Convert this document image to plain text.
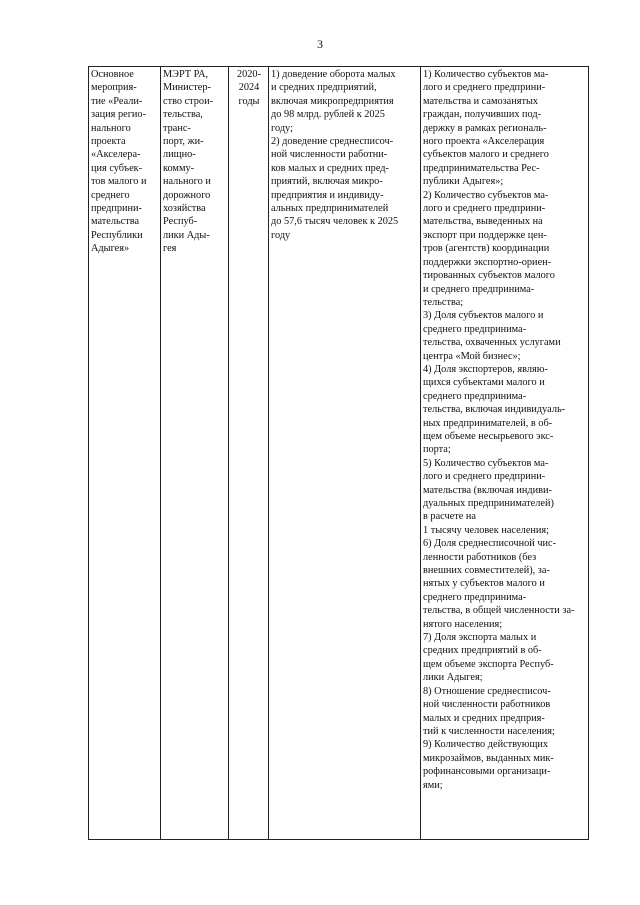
3
Основное
мероприя-
тие «Реали-
зация регио-
нального
проекта
«Акселера-
ция субъек-
тов малого и
среднего
предприни-
мательства
Республики
Адыгея»

МЭРТ РА,
Министер-
ство строи-
тельства,
транс-
порт, жи-
лищно-
комму-
нального и
дорожного
хозяйства
Респуб-
лики Ады-
гея

2020-
2024
годы

1) доведение оборота малых
и средних предприятий,
включая микропредприятия
до 98 млрд. рублей к 2025
году;
2) доведение среднесписоч-
ной численности работни-
ков малых и средних пред-
приятий, включая микро-
предприятия и индивиду-
альных предпринимателей
до 57,6 тысяч человек к 2025
году

1) Количество субъектов ма-
лого и среднего предприни-
мательства и самозанятых
граждан, получивших под-
держку в рамках региональ-
ного проекта «Акселерация
субъектов малого и среднего
предпринимательства Рес-
публики Адыгея»;
2) Количество субъектов ма-
лого и среднего предприни-
мательства, выведенных на
экспорт при поддержке цен-
тров (агентств) координации
поддержки экспортно-ориен-
тированных субъектов малого
и среднего предпринима-
тельства;
3) Доля субъектов малого и
среднего предпринима-
тельства, охваченных услугами
центра «Мой бизнес»;
4) Доля экспортеров, являю-
щихся субъектами малого и
среднего предпринима-
тельства, включая индивидуаль-
ных предпринимателей, в об-
щем объеме несырьевого экс-
порта;
5) Количество субъектов ма-
лого и среднего предприни-
мательства (включая индиви-
дуальных предпринимателей)
в расчете на
1 тысячу человек населения;
6) Доля среднесписочной чис-
ленности работников (без
внешних совместителей), за-
нятых у субъектов малого и
среднего предпринима-
тельства, в общей численности за-
нятого населения;
7) Доля экспорта малых и
средних предприятий в об-
щем объеме экспорта Респуб-
лики Адыгея;
8) Отношение среднесписоч-
ной численности работников
малых и средних предприя-
тий к численности населения;
9) Количество действующих
микрозаймов, выданных мик-
рофинансовыми организаци-
ями;
